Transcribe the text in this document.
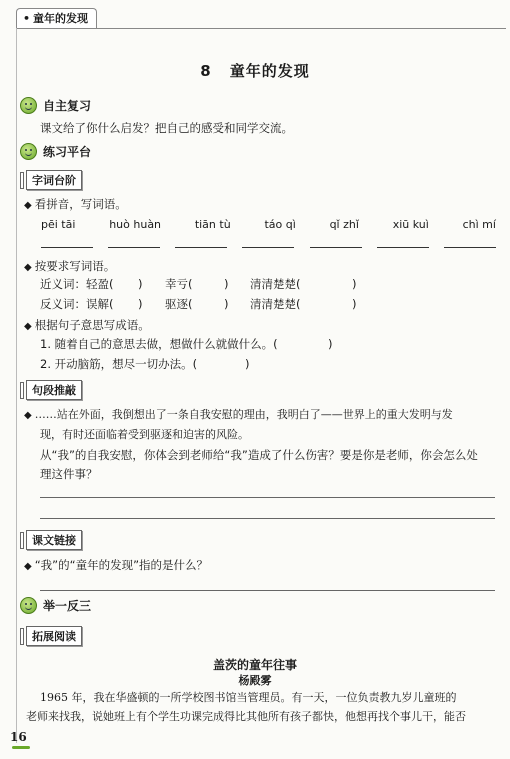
• 童年的发现
8 童年的发现
自主复习
课文给了你什么启发？把自己的感受和同学交流。
练习平台
字词台阶
◆ 看拼音，写词语。
pēi tāi	huò huàn	tiān tù	táo qì	qǐ zhǐ	xiū kuì	chì mí
◆ 按要求写词语。
近义词：轻盈( ) 幸亏(	) 清清楚楚(	)
反义词：误解( ) 驱逐(	) 清清楚楚(	)
◆ 根据句子意思写成语。
1. 随着自己的意思去做，想做什么就做什么。(	)
2. 开动脑筋，想尽一切办法。(	)
句段推敲
◆ ……站在外面，我倒想出了一条自我安慰的理由，我明白了——世界上的重大发明与发
现，有时还面临着受到驱逐和迫害的风险。
从“我”的自我安慰，你体会到老师给“我”造成了什么伤害？要是你是老师，你会怎么处
理这件事？
课文链接
◆ “我”的“童年的发现”指的是什么？
举一反三
拓展阅读
盖茨的童年往事
杨殿雾
1965 年，我在华盛顿的一所学校图书馆当管理员。有一天，一位负责教九岁儿童班的
老师来找我，说她班上有个学生功课完成得比其他所有孩子都快，他想再找个事儿干，能否
16
